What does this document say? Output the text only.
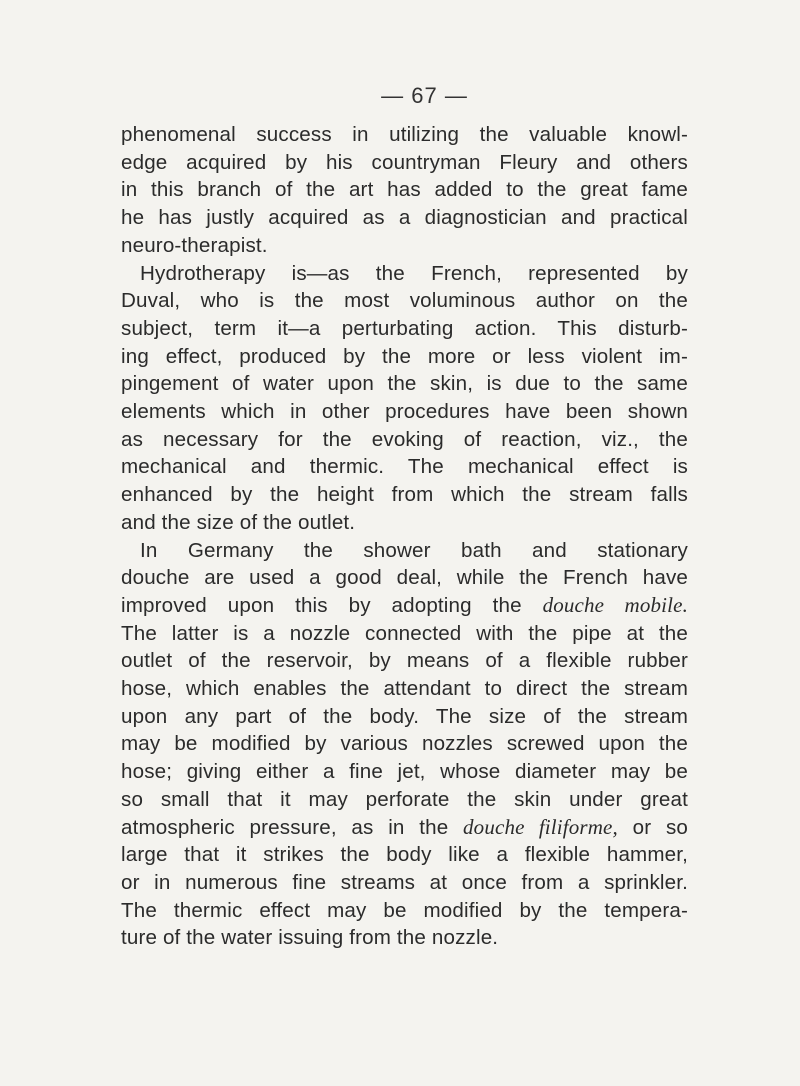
— 67 —
phenomenal success in utilizing the valuable knowl-
edge acquired by his countryman Fleury and others
in this branch of the art has added to the great fame
he has justly acquired as a diagnostician and practical
neuro-therapist.
Hydrotherapy is—as the French, represented by
Duval, who is the most voluminous author on the
subject, term it—a perturbating action. This disturb-
ing effect, produced by the more or less violent im-
pingement of water upon the skin, is due to the same
elements which in other procedures have been shown
as necessary for the evoking of reaction, viz., the
mechanical and thermic. The mechanical effect is
enhanced by the height from which the stream falls
and the size of the outlet.
In Germany the shower bath and stationary
douche are used a good deal, while the French have
improved upon this by adopting the douche mobile.
The latter is a nozzle connected with the pipe at the
outlet of the reservoir, by means of a flexible rubber
hose, which enables the attendant to direct the stream
upon any part of the body. The size of the stream
may be modified by various nozzles screwed upon the
hose; giving either a fine jet, whose diameter may be
so small that it may perforate the skin under great
atmospheric pressure, as in the douche filiforme, or so
large that it strikes the body like a flexible hammer,
or in numerous fine streams at once from a sprinkler.
The thermic effect may be modified by the tempera-
ture of the water issuing from the nozzle.
